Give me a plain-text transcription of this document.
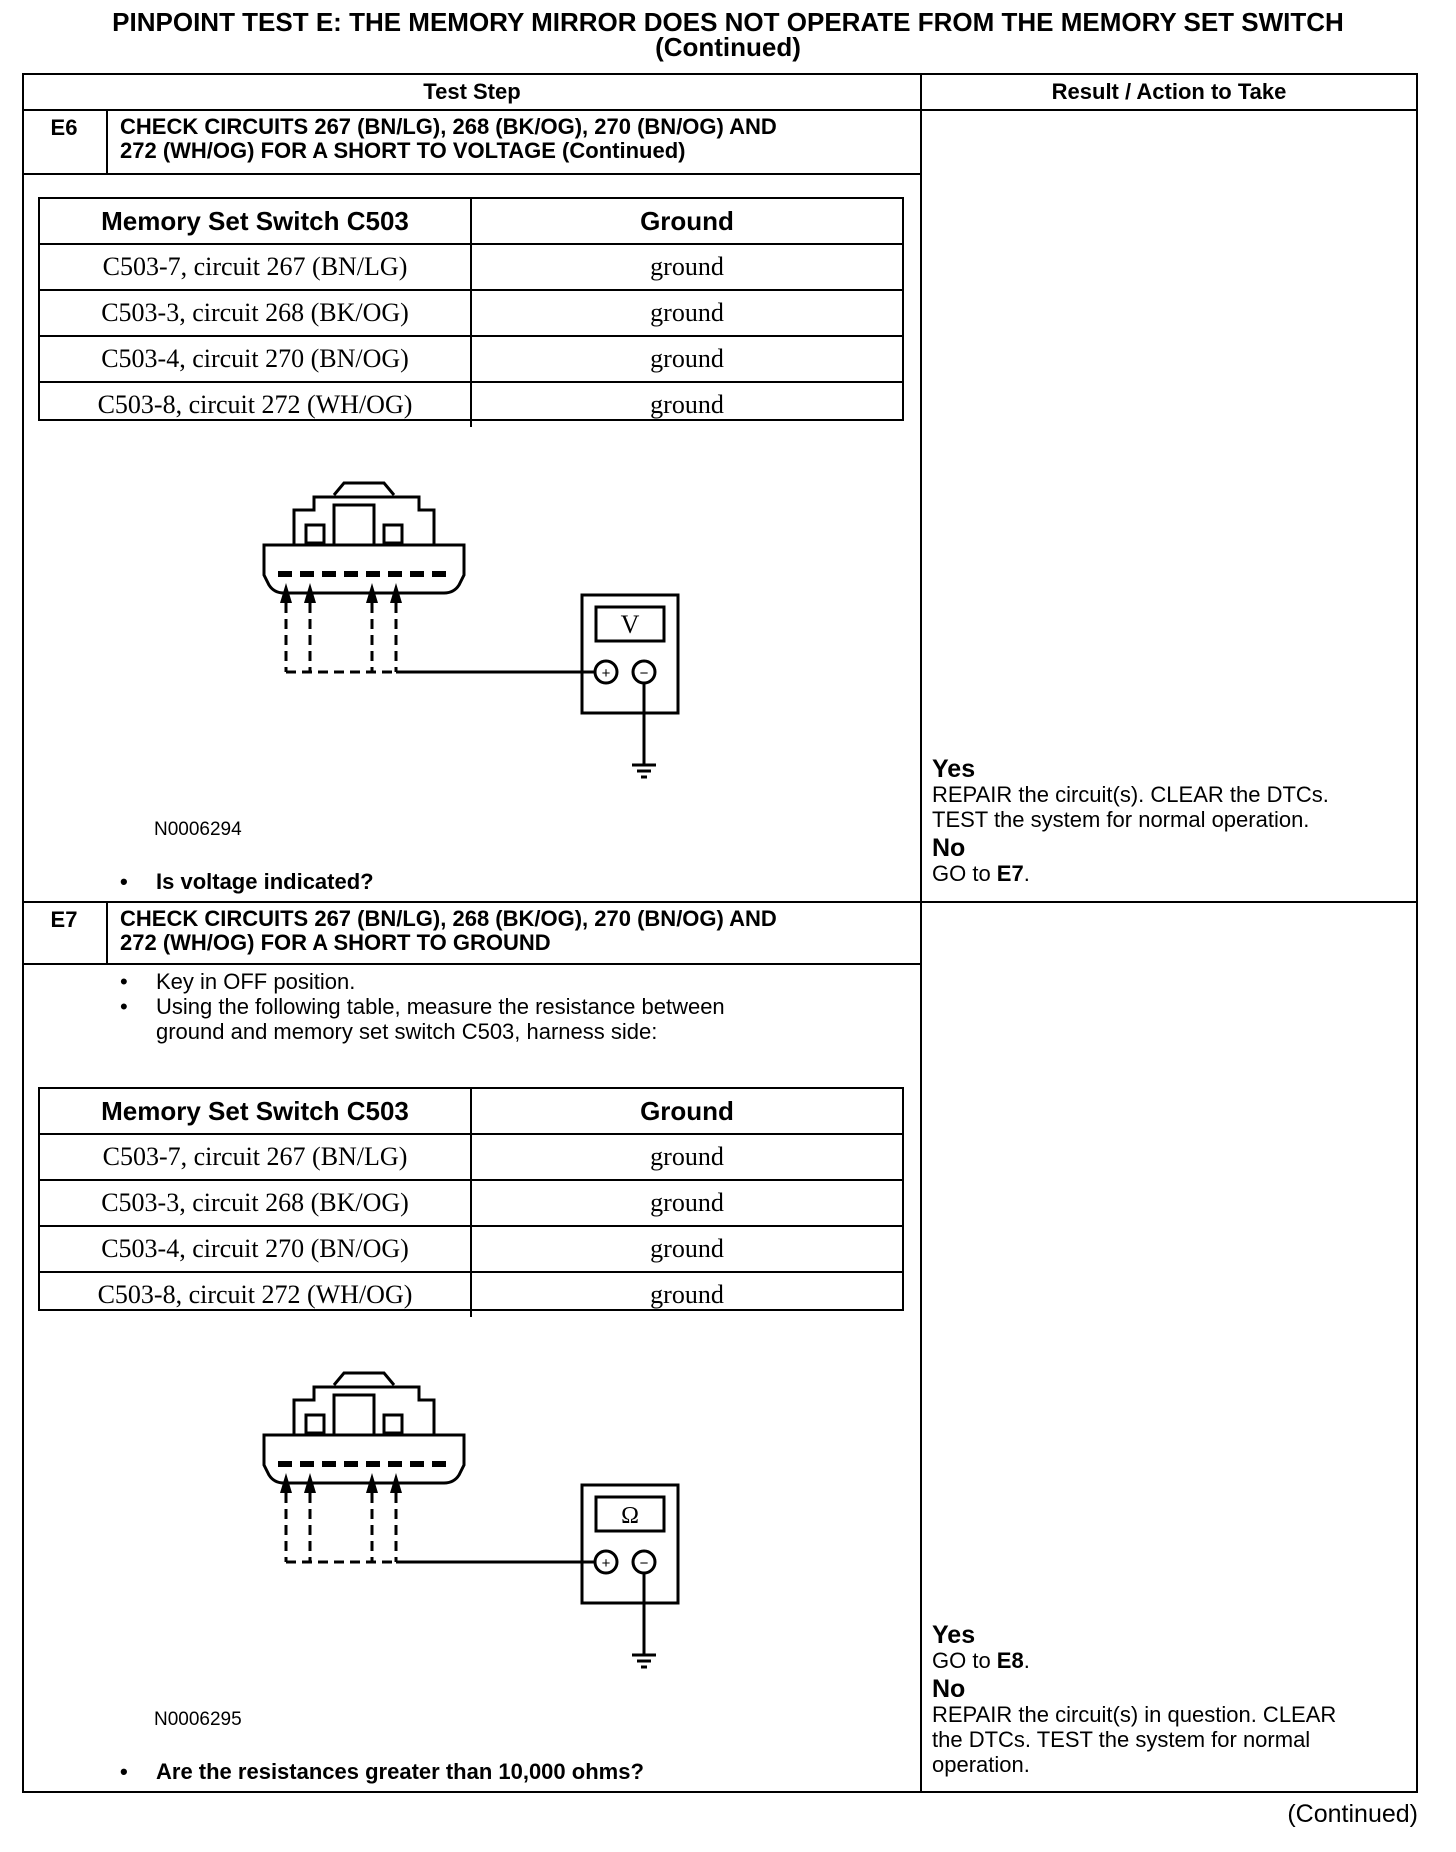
PINPOINT TEST E: THE MEMORY MIRROR DOES NOT OPERATE FROM THE MEMORY SET SWITCH
(Continued)
Test Step	Result / Action to Take
E6	CHECK CIRCUITS 267 (BN/LG), 268 (BK/OG), 270 (BN/OG) AND
272 (WH/OG) FOR A SHORT TO VOLTAGE (Continued)
Memory Set Switch C503	Ground
C503-7, circuit 267 (BN/LG)	ground
C503-3, circuit 268 (BK/OG)	ground
C503-4, circuit 270 (BN/OG)	ground
C503-8, circuit 272 (WH/OG)	ground
V
+ −
N0006294
• Is voltage indicated?
Yes
REPAIR the circuit(s). CLEAR the DTCs.
TEST the system for normal operation.
No
GO to E7.
E7	CHECK CIRCUITS 267 (BN/LG), 268 (BK/OG), 270 (BN/OG) AND
272 (WH/OG) FOR A SHORT TO GROUND
• Key in OFF position.
• Using the following table, measure the resistance between
ground and memory set switch C503, harness side:
Memory Set Switch C503	Ground
C503-7, circuit 267 (BN/LG)	ground
C503-3, circuit 268 (BK/OG)	ground
C503-4, circuit 270 (BN/OG)	ground
C503-8, circuit 272 (WH/OG)	ground
Ω
+ −
N0006295
• Are the resistances greater than 10,000 ohms?
Yes
GO to E8.
No
REPAIR the circuit(s) in question. CLEAR
the DTCs. TEST the system for normal
operation.
(Continued)
